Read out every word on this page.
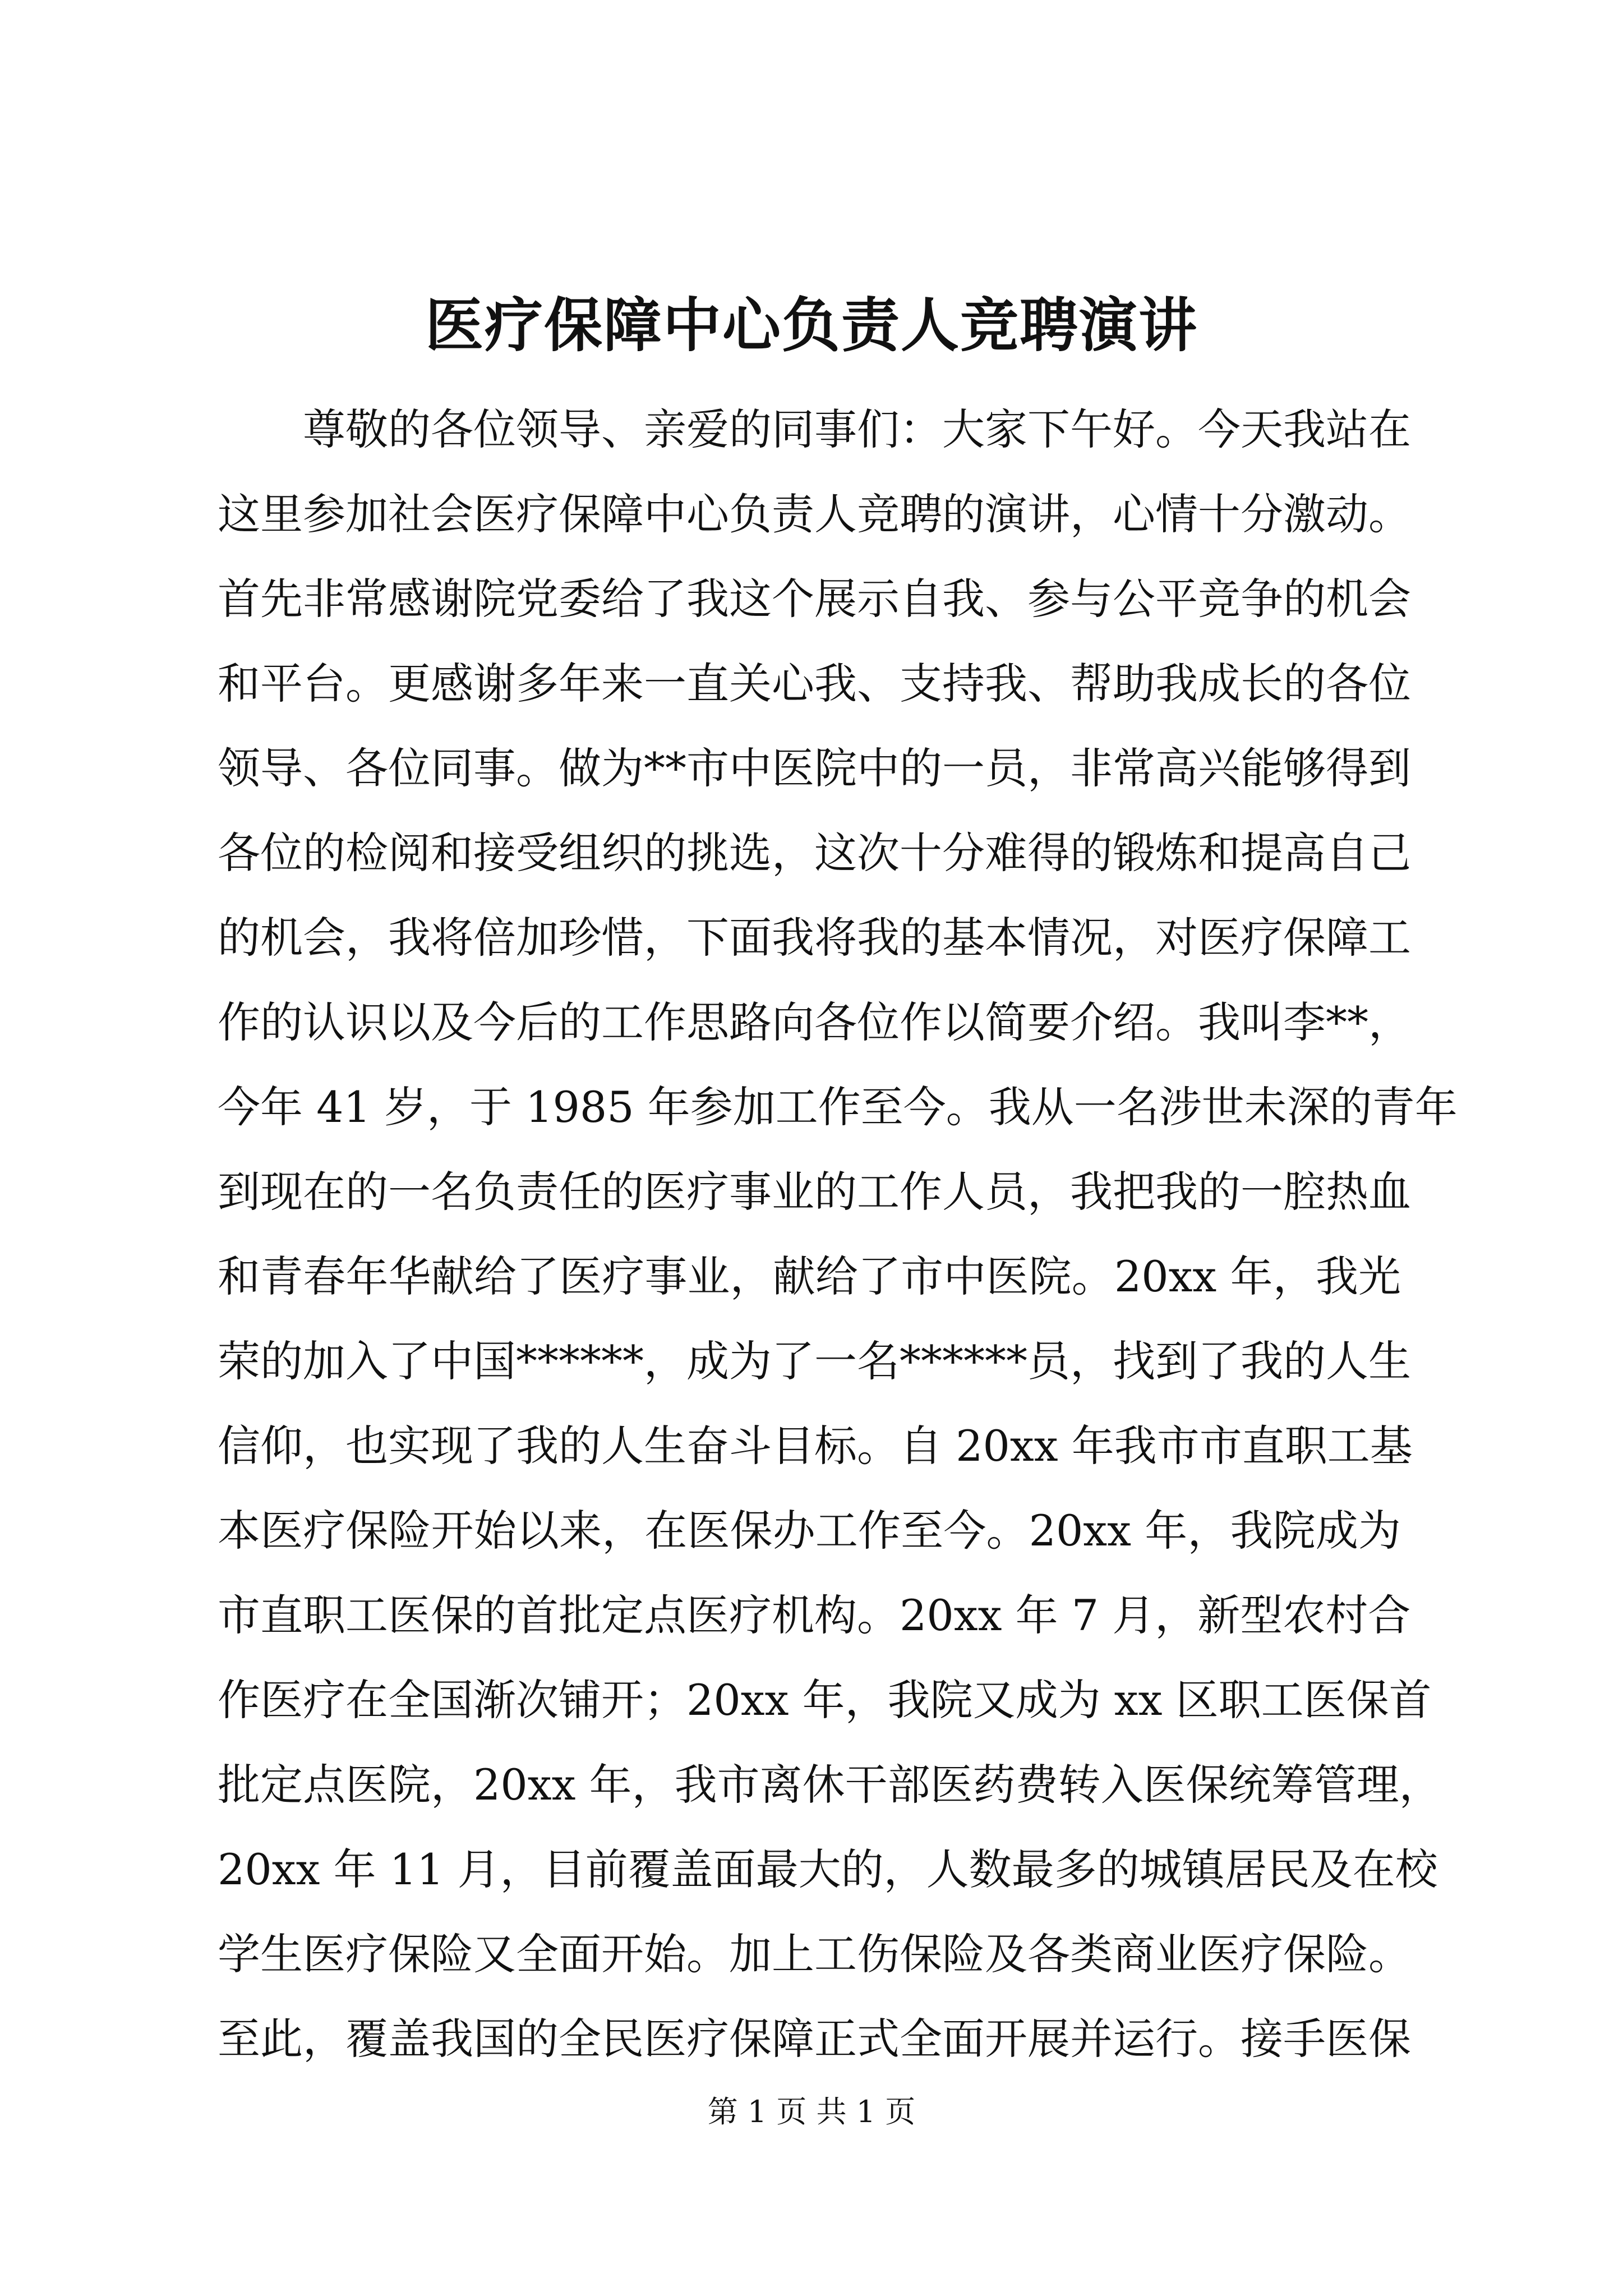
医疗保障中心负责人竞聘演讲
尊敬的各位领导、亲爱的同事们：大家下午好。今天我站在
这里参加社会医疗保障中心负责人竞聘的演讲，心情十分激动。
首先非常感谢院党委给了我这个展示自我、参与公平竞争的机会
和平台。更感谢多年来一直关心我、支持我、帮助我成长的各位
领导、各位同事。做为**市中医院中的一员，非常高兴能够得到
各位的检阅和接受组织的挑选，这次十分难得的锻炼和提高自己
的机会，我将倍加珍惜，下面我将我的基本情况，对医疗保障工
作的认识以及今后的工作思路向各位作以简要介绍。我叫李**，
今年 41 岁，于 1985 年参加工作至今。我从一名涉世未深的青年
到现在的一名负责任的医疗事业的工作人员，我把我的一腔热血
和青春年华献给了医疗事业，献给了市中医院。20xx 年，我光
荣的加入了中国******，成为了一名******员，找到了我的人生
信仰，也实现了我的人生奋斗目标。自 20xx 年我市市直职工基
本医疗保险开始以来，在医保办工作至今。20xx 年，我院成为
市直职工医保的首批定点医疗机构。20xx 年 7 月，新型农村合
作医疗在全国渐次铺开；20xx 年，我院又成为 xx 区职工医保首
批定点医院，20xx 年，我市离休干部医药费转入医保统筹管理，
20xx 年 11 月，目前覆盖面最大的，人数最多的城镇居民及在校
学生医疗保险又全面开始。加上工伤保险及各类商业医疗保险。
至此，覆盖我国的全民医疗保障正式全面开展并运行。接手医保
第 1 页 共 1 页
